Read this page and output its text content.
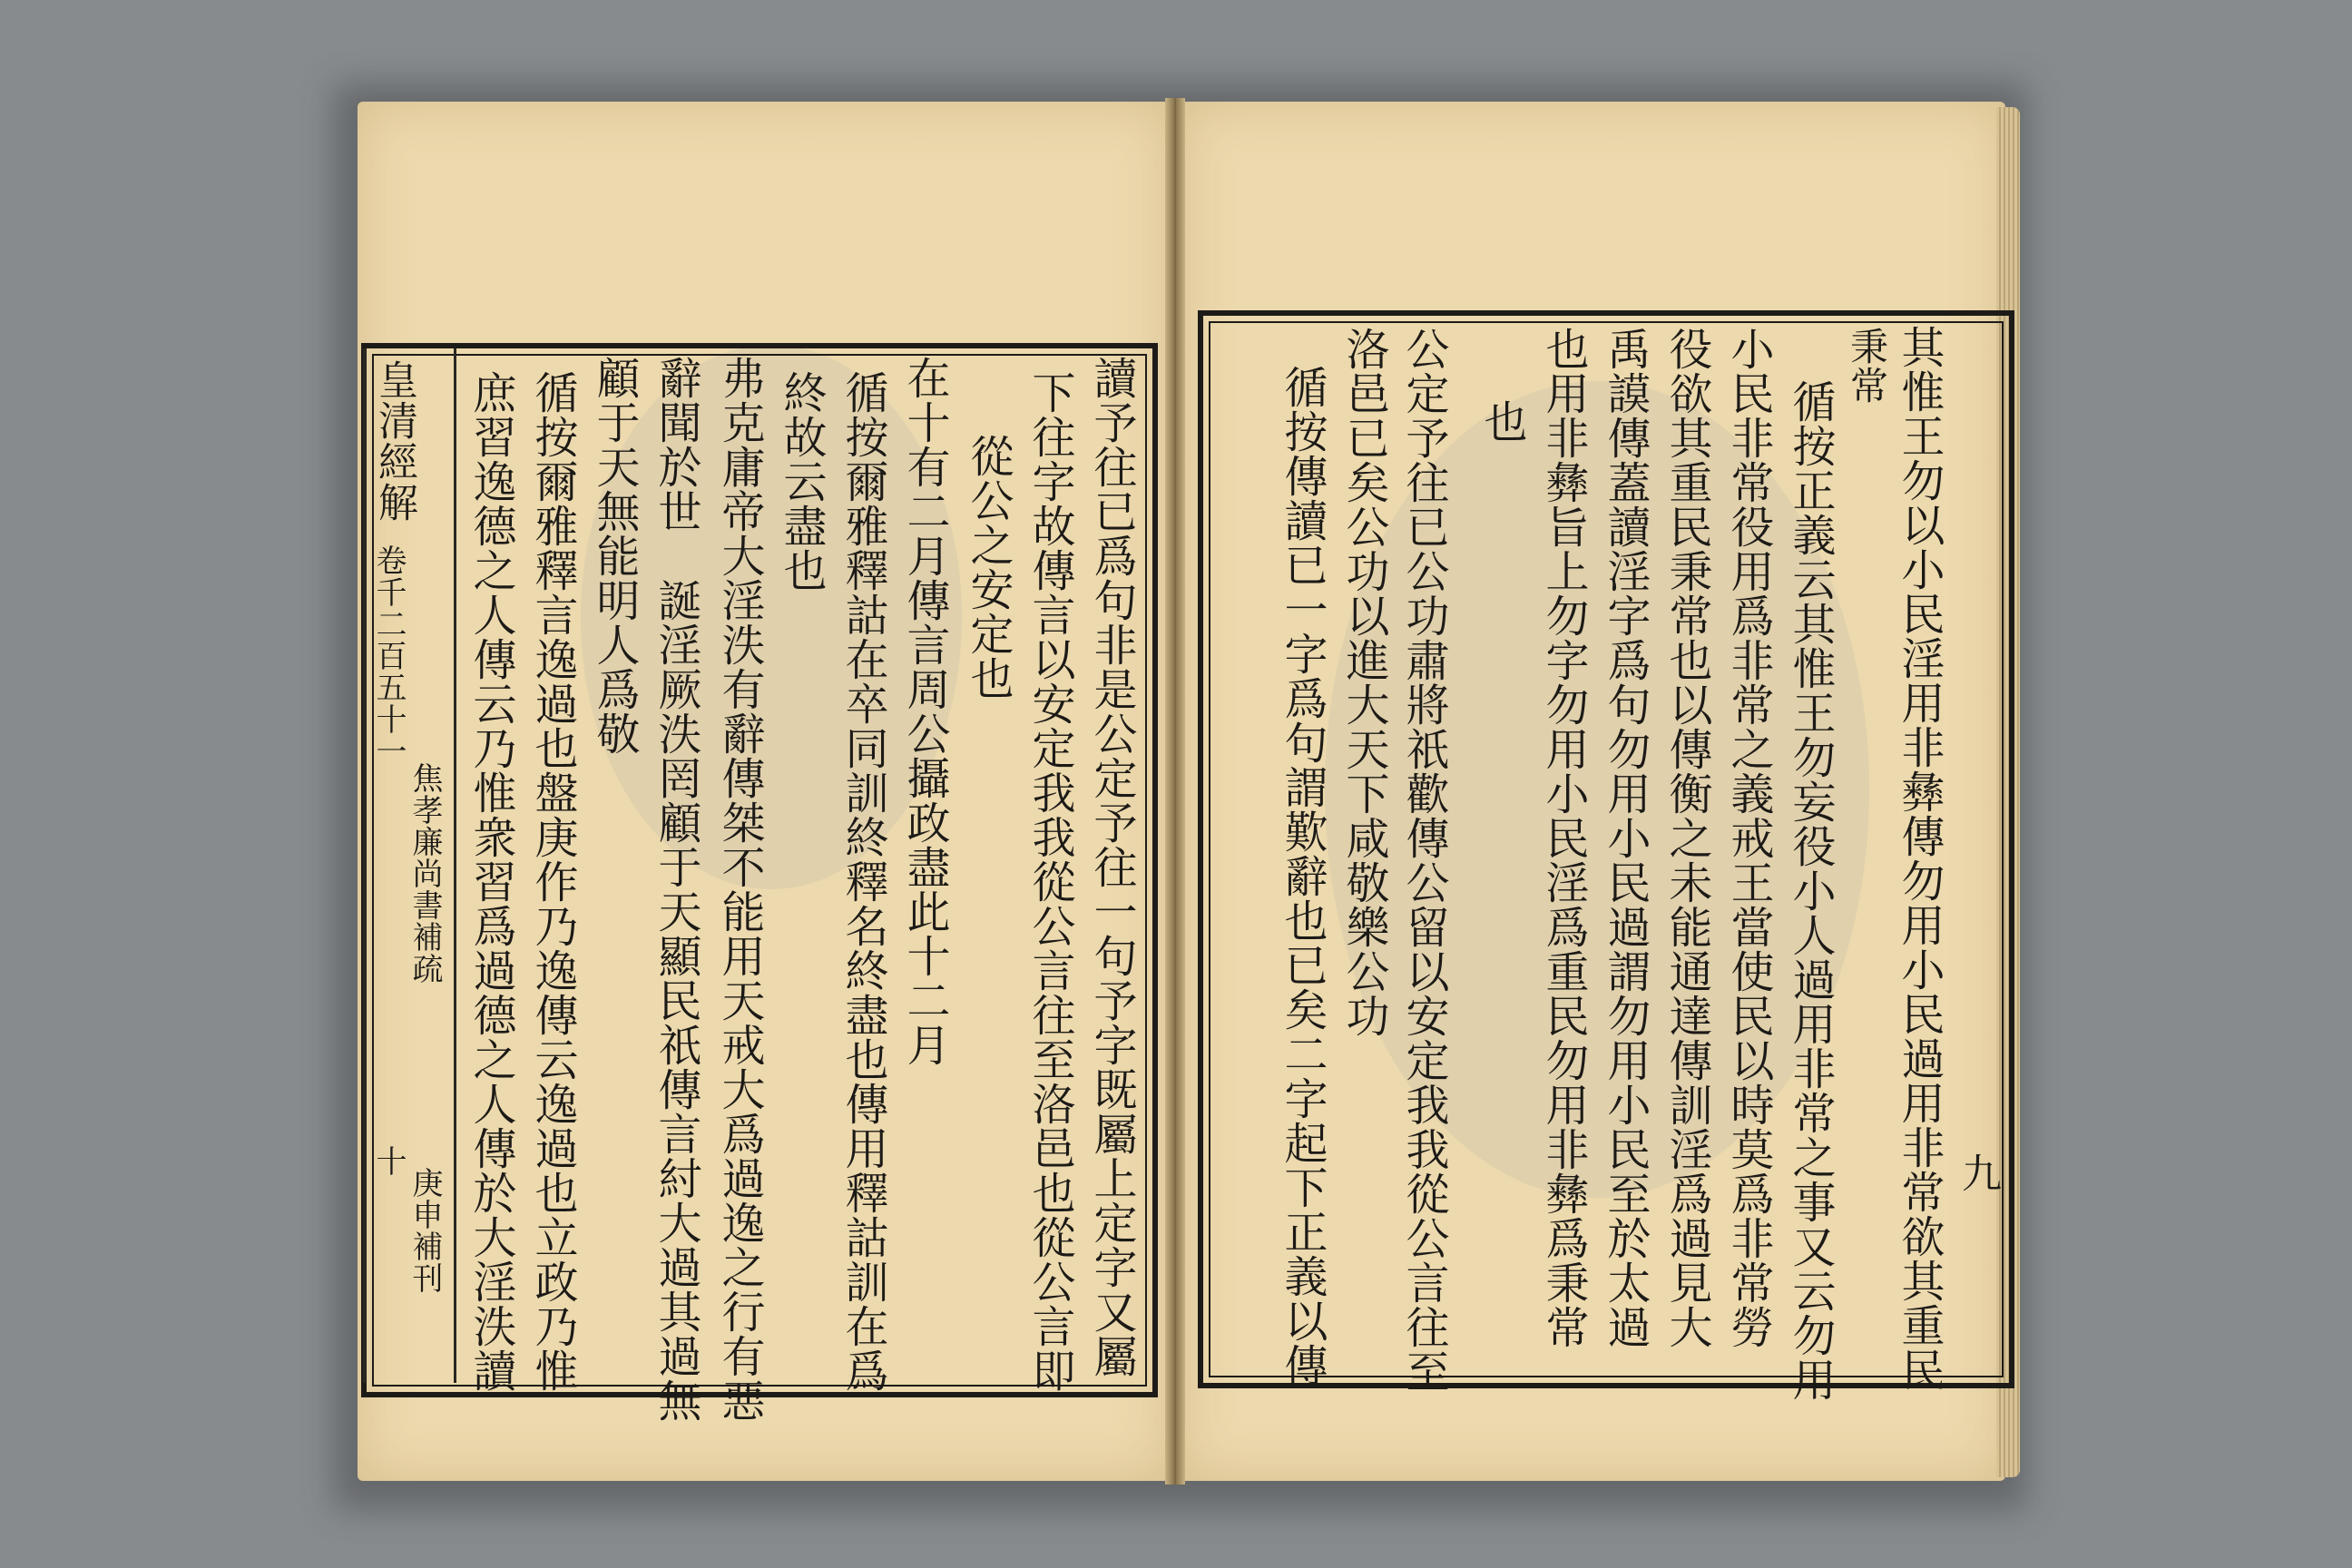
皇清經解
卷千二百五十一
焦孝廉尚書補疏
十
庚申補刊	讀予往已爲句非是公定予往一句予字既屬上定字又屬
下往字故傳言以安定我我從公言往至洛邑也從公言即
從公之安定也
在十有二月傳言周公攝政盡此十二月
循按爾雅釋詁在卒同訓終釋名終盡也傳用釋詁訓在爲
終故云盡也
弗克庸帝大淫泆有辭傳桀不能用天戒大爲過逸之行有惡
辭聞於世　誕淫厥泆罔顧于天顯民祇傳言紂大過其過無
顧于天無能明人爲敬
循按爾雅釋言逸過也盤庚作乃逸傳云逸過也立政乃惟
庶習逸德之人傳云乃惟衆習爲過德之人傳於大淫泆讀	其惟王勿以小民淫用非彝傳勿用小民過用非常欲其重民
秉常
循按正義云其惟王勿妄役小人過用非常之事又云勿用
小民非常役用爲非常之義戒王當使民以時莫爲非常勞
役欲其重民秉常也以傳衡之未能通達傳訓淫爲過見大
禹謨傳蓋讀淫字爲句勿用小民過謂勿用小民至於太過
也用非彝旨上勿字勿用小民淫爲重民勿用非彝爲秉常
也
公定予往已公功肅將祇歡傳公留以安定我我從公言往至
洛邑已矣公功以進大天下咸敬樂公功
循按傳讀已一字爲句謂歎辭也已矣二字起下正義以傳	九
